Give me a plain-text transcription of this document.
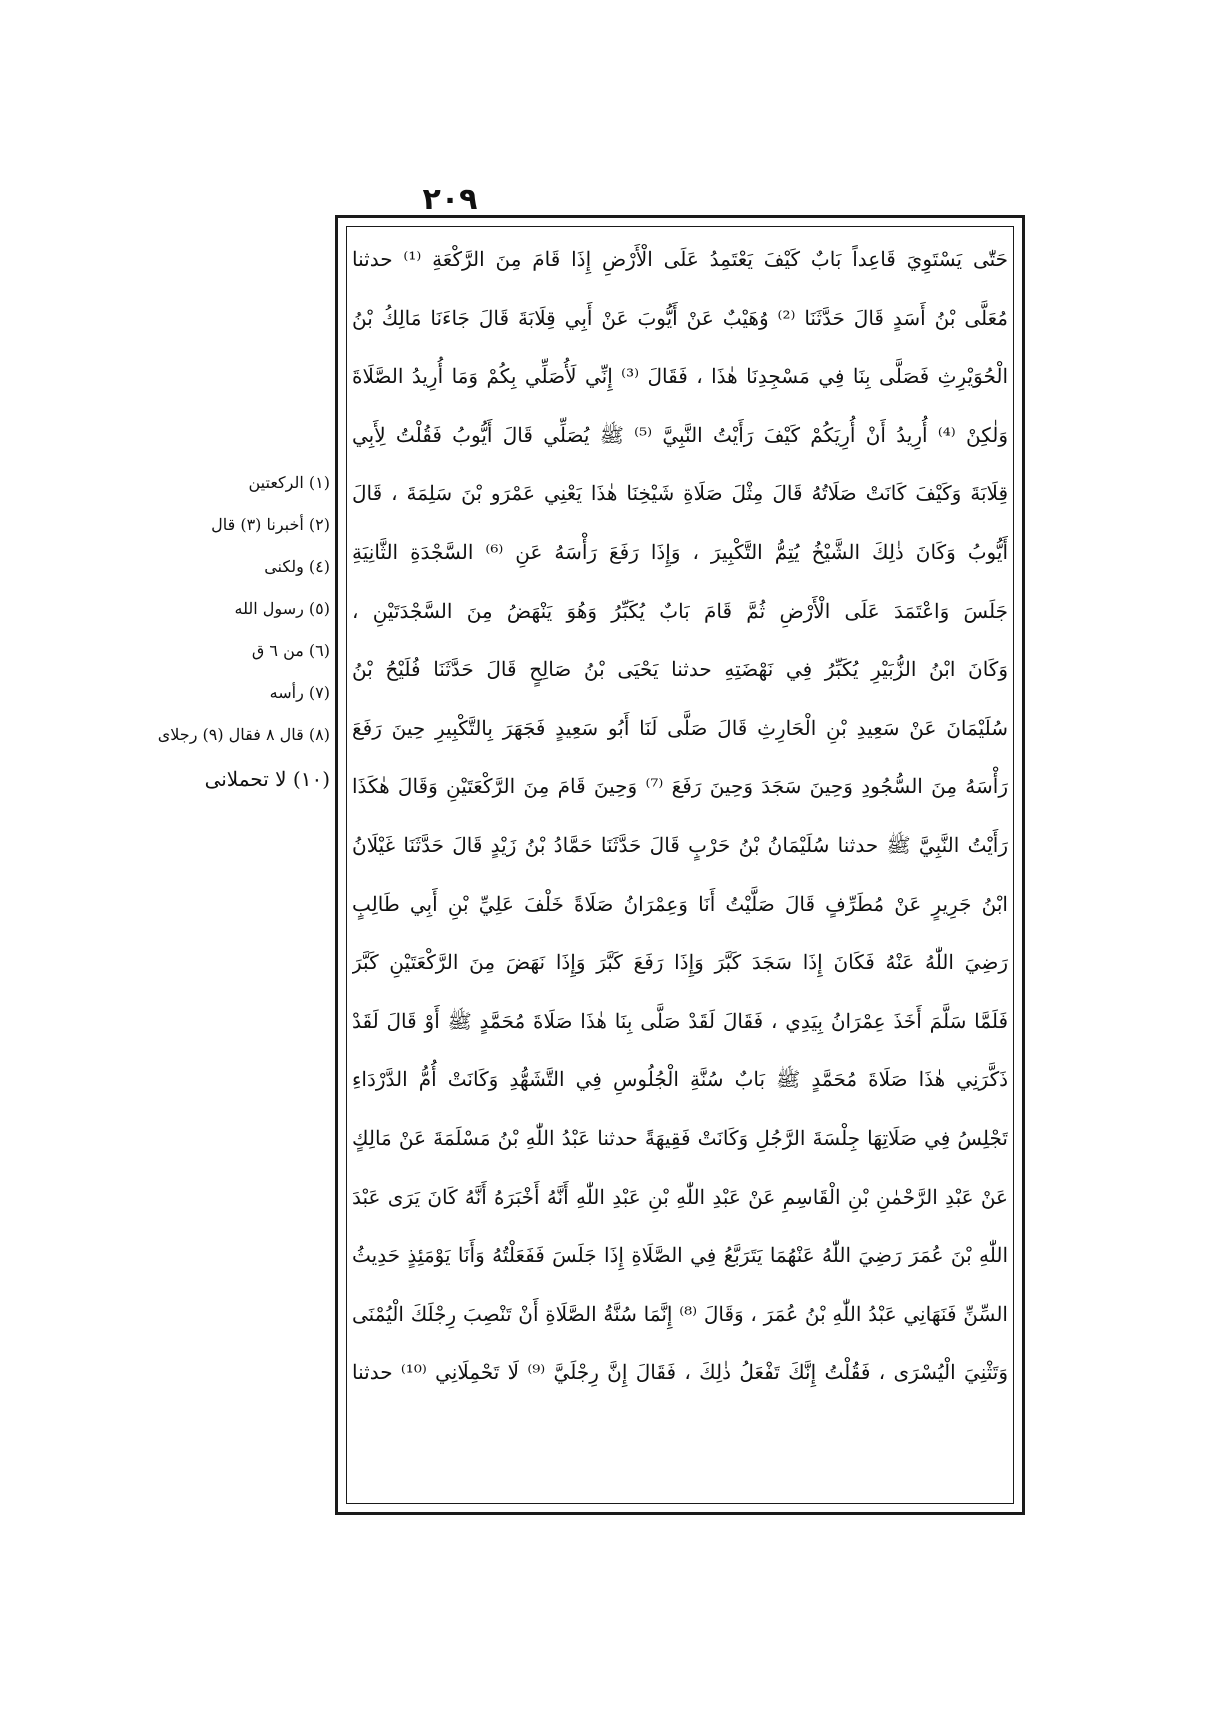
٢٠٩
حَتّٰى يَسْتَوِيَ قَاعِداً بَابٌ كَيْفَ يَعْتَمِدُ عَلَى الْأَرْضِ إِذَا قَامَ مِنَ الرَّكْعَةِ ⁽¹⁾ حدثنا
مُعَلَّى بْنُ أَسَدٍ قَالَ حَدَّثَنَا ⁽²⁾ وُهَيْبٌ عَنْ أَيُّوبَ عَنْ أَبِي قِلَابَةَ قَالَ جَاءَنَا مَالِكُ بْنُ
الْحُوَيْرِثِ فَصَلَّى بِنَا فِي مَسْجِدِنَا هٰذَا ، فَقَالَ ⁽³⁾ إِنِّي لَأُصَلِّي بِكُمْ وَمَا أُرِيدُ الصَّلَاةَ
وَلٰكِنْ ⁽⁴⁾ أُرِيدُ أَنْ أُرِيَكُمْ كَيْفَ رَأَيْتُ النَّبِيَّ ⁽⁵⁾ ﷺ يُصَلِّي قَالَ أَيُّوبُ فَقُلْتُ لِأَبِي
قِلَابَةَ وَكَيْفَ كَانَتْ صَلَاتُهُ قَالَ مِثْلَ صَلَاةِ شَيْخِنَا هٰذَا يَعْنِي عَمْرَو بْنَ سَلِمَةَ ، قَالَ
أَيُّوبُ وَكَانَ ذٰلِكَ الشَّيْخُ يُتِمُّ التَّكْبِيرَ ، وَإِذَا رَفَعَ رَأْسَهُ عَنِ ⁽⁶⁾ السَّجْدَةِ الثَّانِيَةِ
جَلَسَ وَاعْتَمَدَ عَلَى الْأَرْضِ ثُمَّ قَامَ بَابٌ يُكَبِّرُ وَهُوَ يَنْهَضُ مِنَ السَّجْدَتَيْنِ ،
وَكَانَ ابْنُ الزُّبَيْرِ يُكَبِّرُ فِي نَهْضَتِهِ حدثنا يَحْيَى بْنُ صَالِحٍ قَالَ حَدَّثَنَا فُلَيْحُ بْنُ
سُلَيْمَانَ عَنْ سَعِيدِ بْنِ الْحَارِثِ قَالَ صَلَّى لَنَا أَبُو سَعِيدٍ فَجَهَرَ بِالتَّكْبِيرِ حِينَ رَفَعَ
رَأْسَهُ مِنَ السُّجُودِ وَحِينَ سَجَدَ وَحِينَ رَفَعَ ⁽⁷⁾ وَحِينَ قَامَ مِنَ الرَّكْعَتَيْنِ وَقَالَ هٰكَذَا
رَأَيْتُ النَّبِيَّ ﷺ حدثنا سُلَيْمَانُ بْنُ حَرْبٍ قَالَ حَدَّثَنَا حَمَّادُ بْنُ زَيْدٍ قَالَ حَدَّثَنَا غَيْلَانُ
ابْنُ جَرِيرٍ عَنْ مُطَرِّفٍ قَالَ صَلَّيْتُ أَنَا وَعِمْرَانُ صَلَاةً خَلْفَ عَلِيِّ بْنِ أَبِي طَالِبٍ
رَضِيَ اللّٰهُ عَنْهُ فَكَانَ إِذَا سَجَدَ كَبَّرَ وَإِذَا رَفَعَ كَبَّرَ وَإِذَا نَهَضَ مِنَ الرَّكْعَتَيْنِ كَبَّرَ
فَلَمَّا سَلَّمَ أَخَذَ عِمْرَانُ بِيَدِي ، فَقَالَ لَقَدْ صَلَّى بِنَا هٰذَا صَلَاةَ مُحَمَّدٍ ﷺ أَوْ قَالَ لَقَدْ
ذَكَّرَنِي هٰذَا صَلَاةَ مُحَمَّدٍ ﷺ بَابٌ سُنَّةِ الْجُلُوسِ فِي التَّشَهُّدِ وَكَانَتْ أُمُّ الدَّرْدَاءِ
تَجْلِسُ فِي صَلَاتِهَا جِلْسَةَ الرَّجُلِ وَكَانَتْ فَقِيهَةً حدثنا عَبْدُ اللّٰهِ بْنُ مَسْلَمَةَ عَنْ مَالِكٍ
عَنْ عَبْدِ الرَّحْمٰنِ بْنِ الْقَاسِمِ عَنْ عَبْدِ اللّٰهِ بْنِ عَبْدِ اللّٰهِ أَنَّهُ أَخْبَرَهُ أَنَّهُ كَانَ يَرَى عَبْدَ
اللّٰهِ بْنَ عُمَرَ رَضِيَ اللّٰهُ عَنْهُمَا يَتَرَبَّعُ فِي الصَّلَاةِ إِذَا جَلَسَ فَفَعَلْتُهُ وَأَنَا يَوْمَئِذٍ حَدِيثُ
السِّنِّ فَنَهَانِي عَبْدُ اللّٰهِ بْنُ عُمَرَ ، وَقَالَ ⁽⁸⁾ إِنَّمَا سُنَّةُ الصَّلَاةِ أَنْ تَنْصِبَ رِجْلَكَ الْيُمْنَى
وَتَثْنِيَ الْيُسْرَى ، فَقُلْتُ إِنَّكَ تَفْعَلُ ذٰلِكَ ، فَقَالَ إِنَّ رِجْلَيَّ ⁽⁹⁾ لَا تَحْمِلَانِي ⁽¹⁰⁾ حدثنا
(١) الركعتين
(٢) أخبرنا (٣) قال
(٤) ولكنى
(٥) رسول الله
(٦) من ٦ ق
(٧) رأسه
(٨) قال ٨ فقال (٩) رجلاى
(١٠) لا تحملانى
